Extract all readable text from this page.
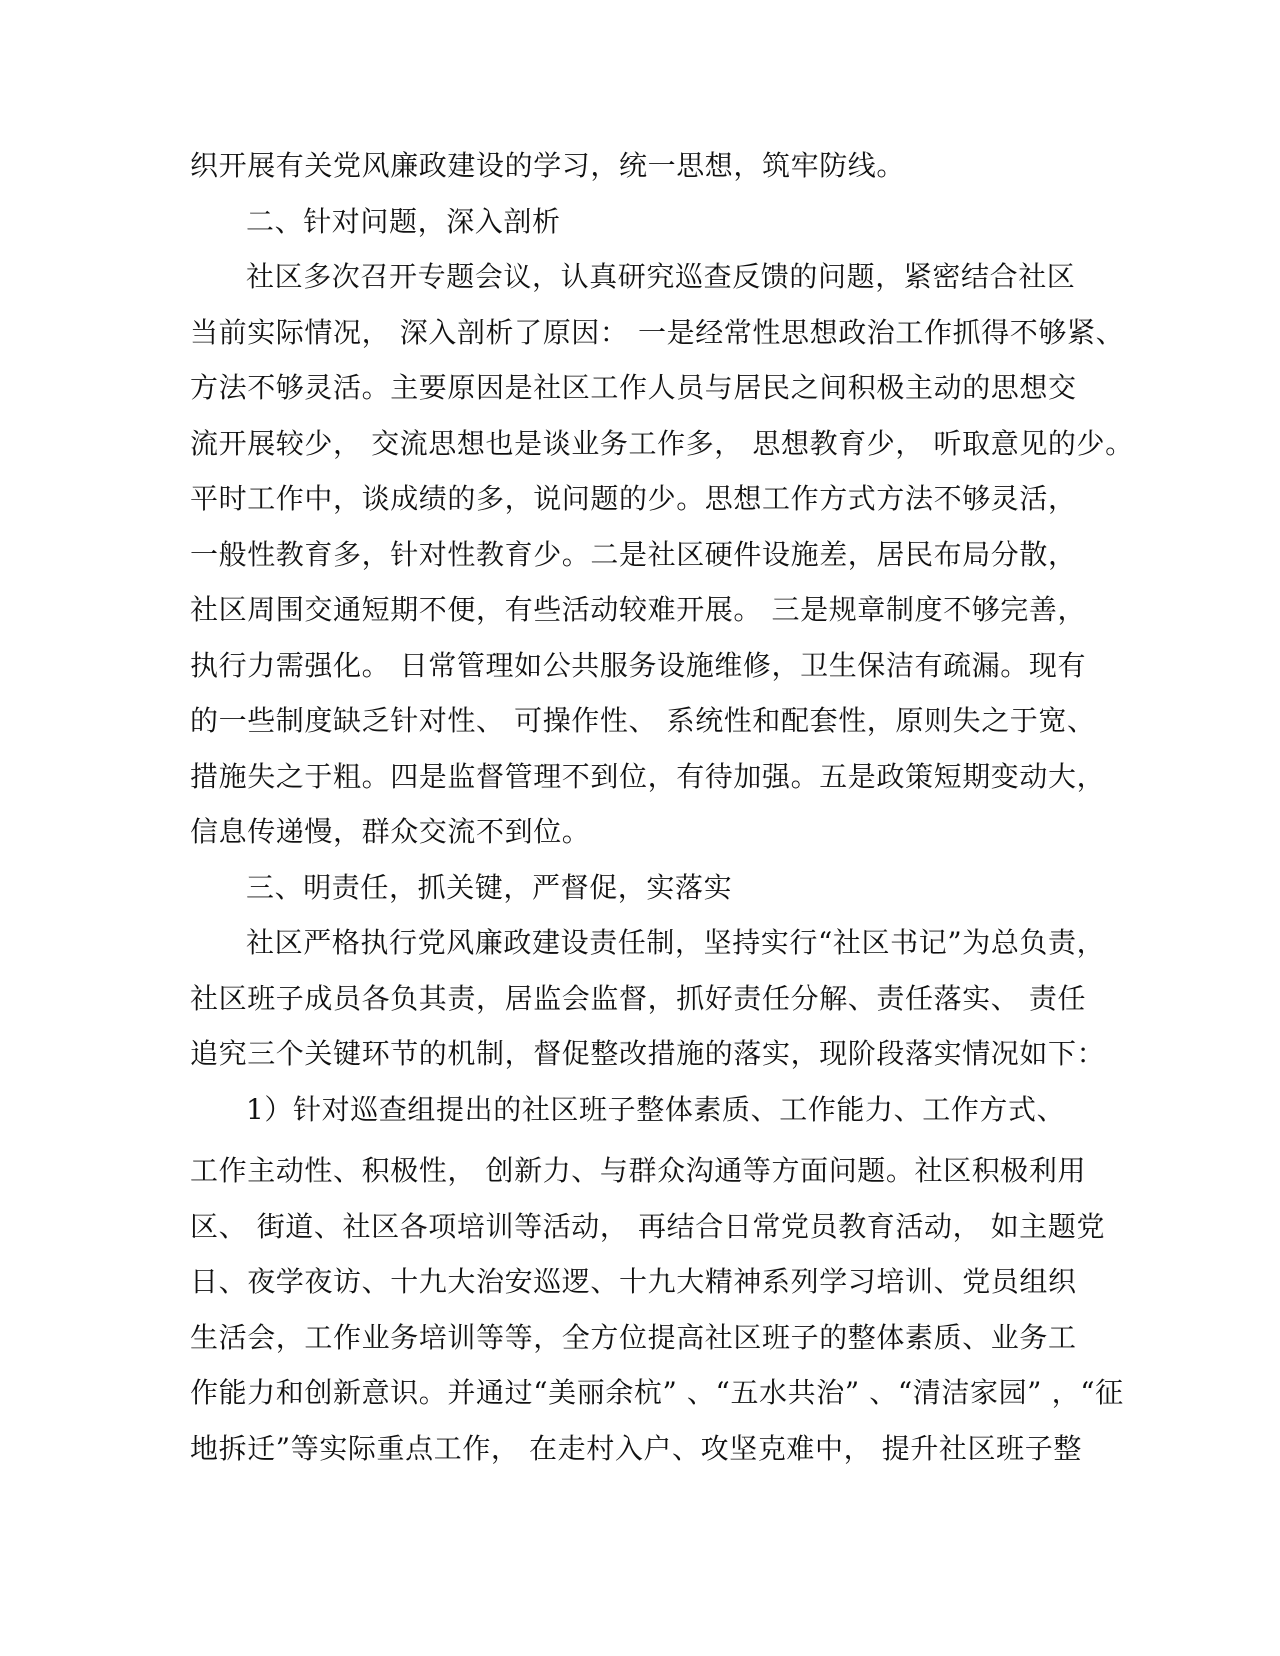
织开展有关党风廉政建设的学习，统一思想，筑牢防线。
二、针对问题，深入剖析
社区多次召开专题会议，认真研究巡查反馈的问题，紧密结合社区
当前实际情况， 深入剖析了原因： 一是经常性思想政治工作抓得不够紧、
方法不够灵活。主要原因是社区工作人员与居民之间积极主动的思想交
流开展较少， 交流思想也是谈业务工作多， 思想教育少， 听取意见的少。
平时工作中，谈成绩的多，说问题的少。思想工作方式方法不够灵活，
一般性教育多，针对性教育少。二是社区硬件设施差，居民布局分散，
社区周围交通短期不便，有些活动较难开展。 三是规章制度不够完善，
执行力需强化。 日常管理如公共服务设施维修，卫生保洁有疏漏。现有
的一些制度缺乏针对性、 可操作性、 系统性和配套性，原则失之于宽、
措施失之于粗。四是监督管理不到位，有待加强。五是政策短期变动大，
信息传递慢，群众交流不到位。
三、明责任，抓关键，严督促，实落实
社区严格执行党风廉政建设责任制，坚持实行“社区书记”为总负责，
社区班子成员各负其责，居监会监督，抓好责任分解、责任落实、 责任
追究三个关键环节的机制，督促整改措施的落实，现阶段落实情况如下：
1）针对巡查组提出的社区班子整体素质、工作能力、工作方式、
工作主动性、积极性， 创新力、与群众沟通等方面问题。社区积极利用
区、 街道、社区各项培训等活动， 再结合日常党员教育活动， 如主题党
日、夜学夜访、十九大治安巡逻、十九大精神系列学习培训、党员组织
生活会，工作业务培训等等，全方位提高社区班子的整体素质、业务工
作能力和创新意识。并通过“美丽余杭” 、“五水共治” 、“清洁家园” ，“征
地拆迁”等实际重点工作， 在走村入户、攻坚克难中， 提升社区班子整
